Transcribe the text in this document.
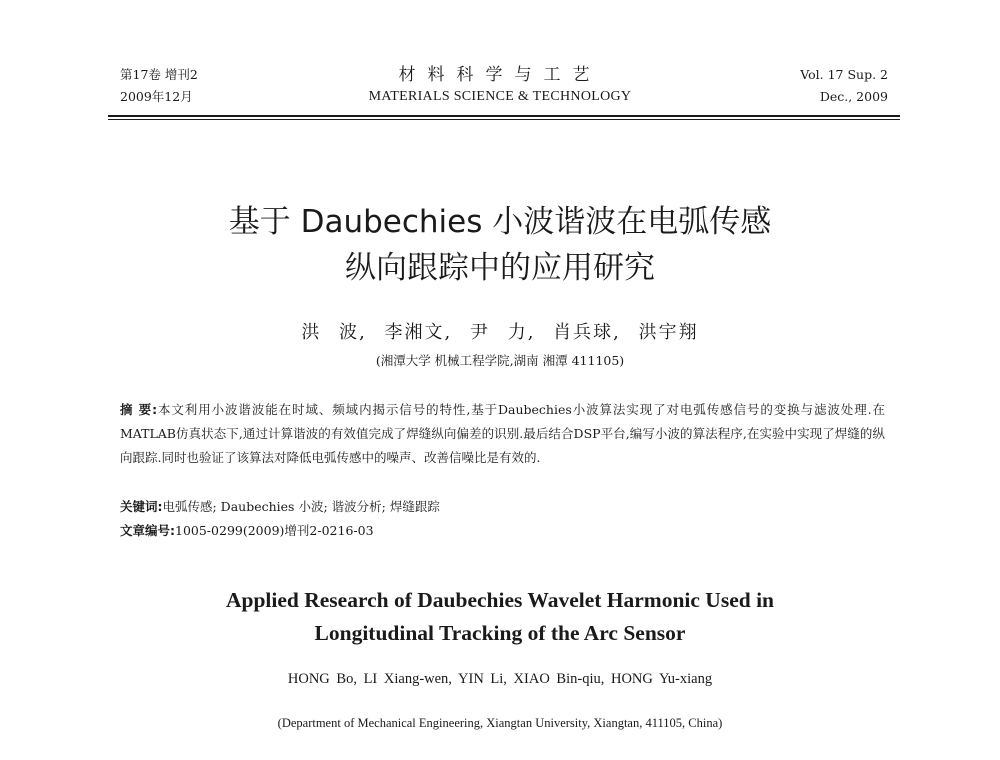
第17卷 增刊2
2009年12月
材料科学与工艺
MATERIALS SCIENCE & TECHNOLOGY
Vol. 17 Sup. 2
Dec., 2009
基于 Daubechies 小波谐波在电弧传感
纵向跟踪中的应用研究
洪 波, 李湘文, 尹 力, 肖兵球, 洪宇翔
(湘潭大学 机械工程学院,湖南 湘潭 411105)
摘 要:本文利用小波谐波能在时域、频域内揭示信号的特性,基于Daubechies小波算法实现了对电弧传感信号的变换与滤波处理.在MATLAB仿真状态下,通过计算谐波的有效值完成了焊缝纵向偏差的识别.最后结合DSP平台,编写小波的算法程序,在实验中实现了焊缝的纵向跟踪.同时也验证了该算法对降低电弧传感中的噪声、改善信噪比是有效的.
关键词:电弧传感; Daubechies 小波; 谐波分析; 焊缝跟踪
文章编号:1005-0299(2009)增刊2-0216-03
Applied Research of Daubechies Wavelet Harmonic Used in
Longitudinal Tracking of the Arc Sensor
HONG Bo, LI Xiang-wen, YIN Li, XIAO Bin-qiu, HONG Yu-xiang
(Department of Mechanical Engineering, Xiangtan University, Xiangtan, 411105, China)
